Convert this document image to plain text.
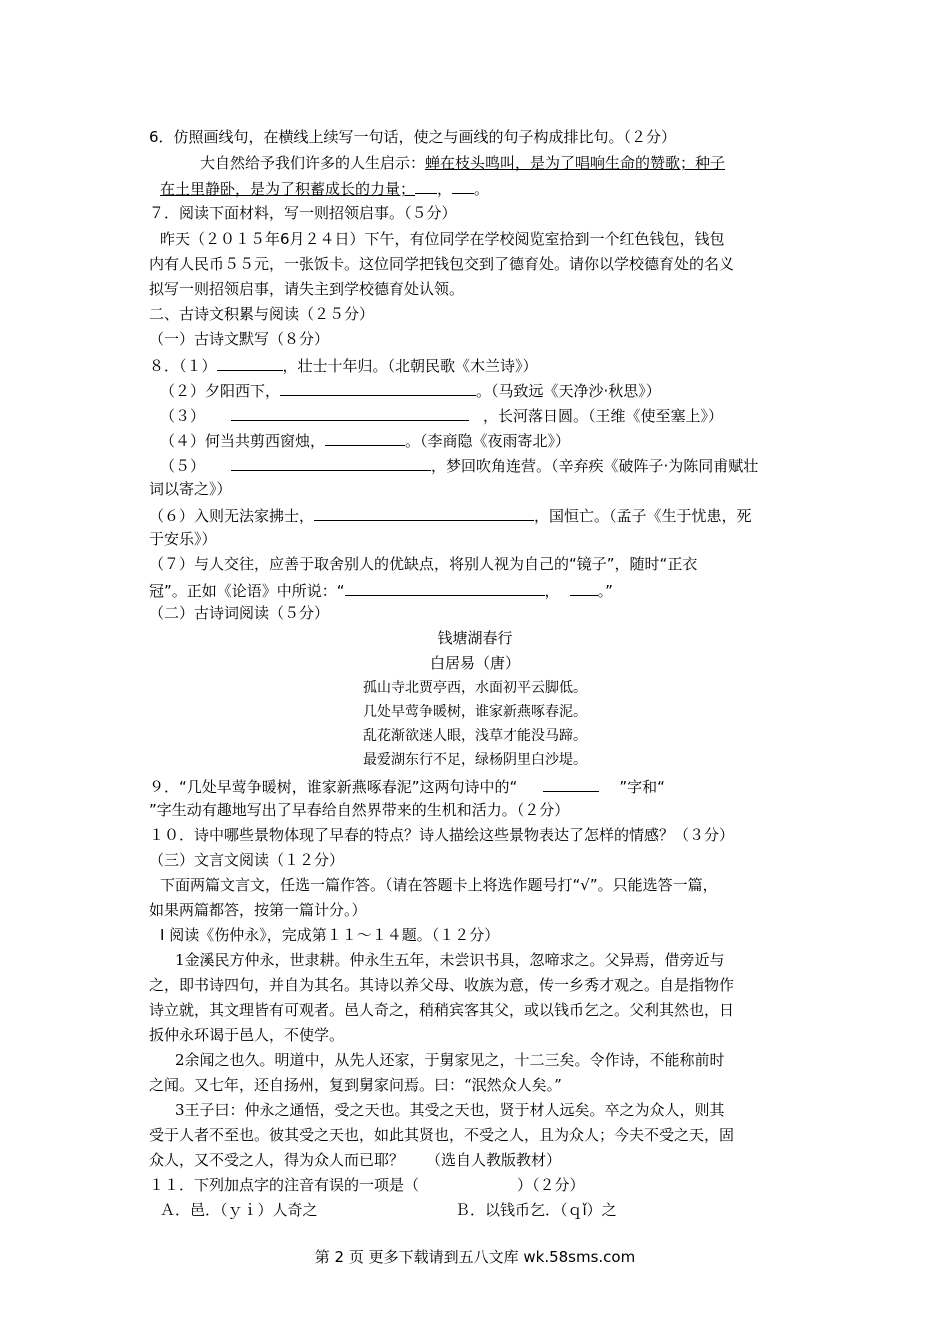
6．仿照画线句，在横线上续写一句话，使之与画线的句子构成排比句。（２分）
大自然给予我们许多的人生启示：蝉在枝头鸣叫，是为了唱响生命的赞歌；种子
在土里静卧，是为了积蓄成长的力量； ， 。
７．阅读下面材料，写一则招领启事。（５分）
昨天（２０１５年6月２４日）下午，有位同学在学校阅览室拾到一个红色钱包，钱包
内有人民币５５元，一张饭卡。这位同学把钱包交到了德育处。请你以学校德育处的名义
拟写一则招领启事，请失主到学校德育处认领。
二、古诗文积累与阅读（２５分）
（一）古诗文默写（８分）
８．（１）	，壮士十年归。（北朝民歌《木兰诗》）
（２）夕阳西下，	。（马致远《天净沙·秋思》）
（３）	，长河落日圆。（王维《使至塞上》）
（４）何当共剪西窗烛，	。（李商隐《夜雨寄北》）
（５）	，梦回吹角连营。（辛弃疾《破阵子·为陈同甫赋壮
词以寄之》）
（６）入则无法家拂士，	，国恒亡。（孟子《生于忧患，死
于安乐》）
（７）与人交往，应善于取舍别人的优缺点，将别人视为自己的“镜子”，随时“正衣
冠”。正如《论语》中所说：“	，	。”
（二）古诗词阅读（５分）
钱塘湖春行
白居易（唐）
孤山寺北贾亭西，水面初平云脚低。
几处早莺争暖树，谁家新燕啄春泥。
乱花渐欲迷人眼，浅草才能没马蹄。
最爱湖东行不足，绿杨阴里白沙堤。
９．“几处早莺争暖树，谁家新燕啄春泥”这两句诗中的“	”字和“
”字生动有趣地写出了早春给自然界带来的生机和活力。（２分）
１０．诗中哪些景物体现了早春的特点？诗人描绘这些景物表达了怎样的情感？（３分）
（三）文言文阅读（１２分）
下面两篇文言文，任选一篇作答。（请在答题卡上将选作题号打“√”。只能选答一篇，
如果两篇都答，按第一篇计分。）
Ⅰ 阅读《伤仲永》，完成第１１～１４题。（１２分）
1金溪民方仲永，世隶耕。仲永生五年，未尝识书具，忽啼求之。父异焉，借旁近与
之，即书诗四句，并自为其名。其诗以养父母、收族为意，传一乡秀才观之。自是指物作
诗立就，其文理皆有可观者。邑人奇之，稍稍宾客其父，或以钱币乞之。父利其然也，日
扳仲永环谒于邑人，不使学。
2余闻之也久。明道中，从先人还家，于舅家见之，十二三矣。令作诗，不能称前时
之闻。又七年，还自扬州，复到舅家问焉。曰：“泯然众人矣。”
3王子曰：仲永之通悟，受之天也。其受之天也，贤于材人远矣。卒之为众人，则其
受于人者不至也。彼其受之天也，如此其贤也，不受之人，且为众人；今夫不受之天，固
众人，又不受之人，得为众人而已耶？ （选自人教版教材）
１１．下列加点字的注音有误的一项是（	）（２分）
Ａ．邑．（ｙｉ）人奇之	Ｂ．以钱币乞．（ｑǐ）之
第 2 页 更多下载请到五八文库 wk.58sms.com
